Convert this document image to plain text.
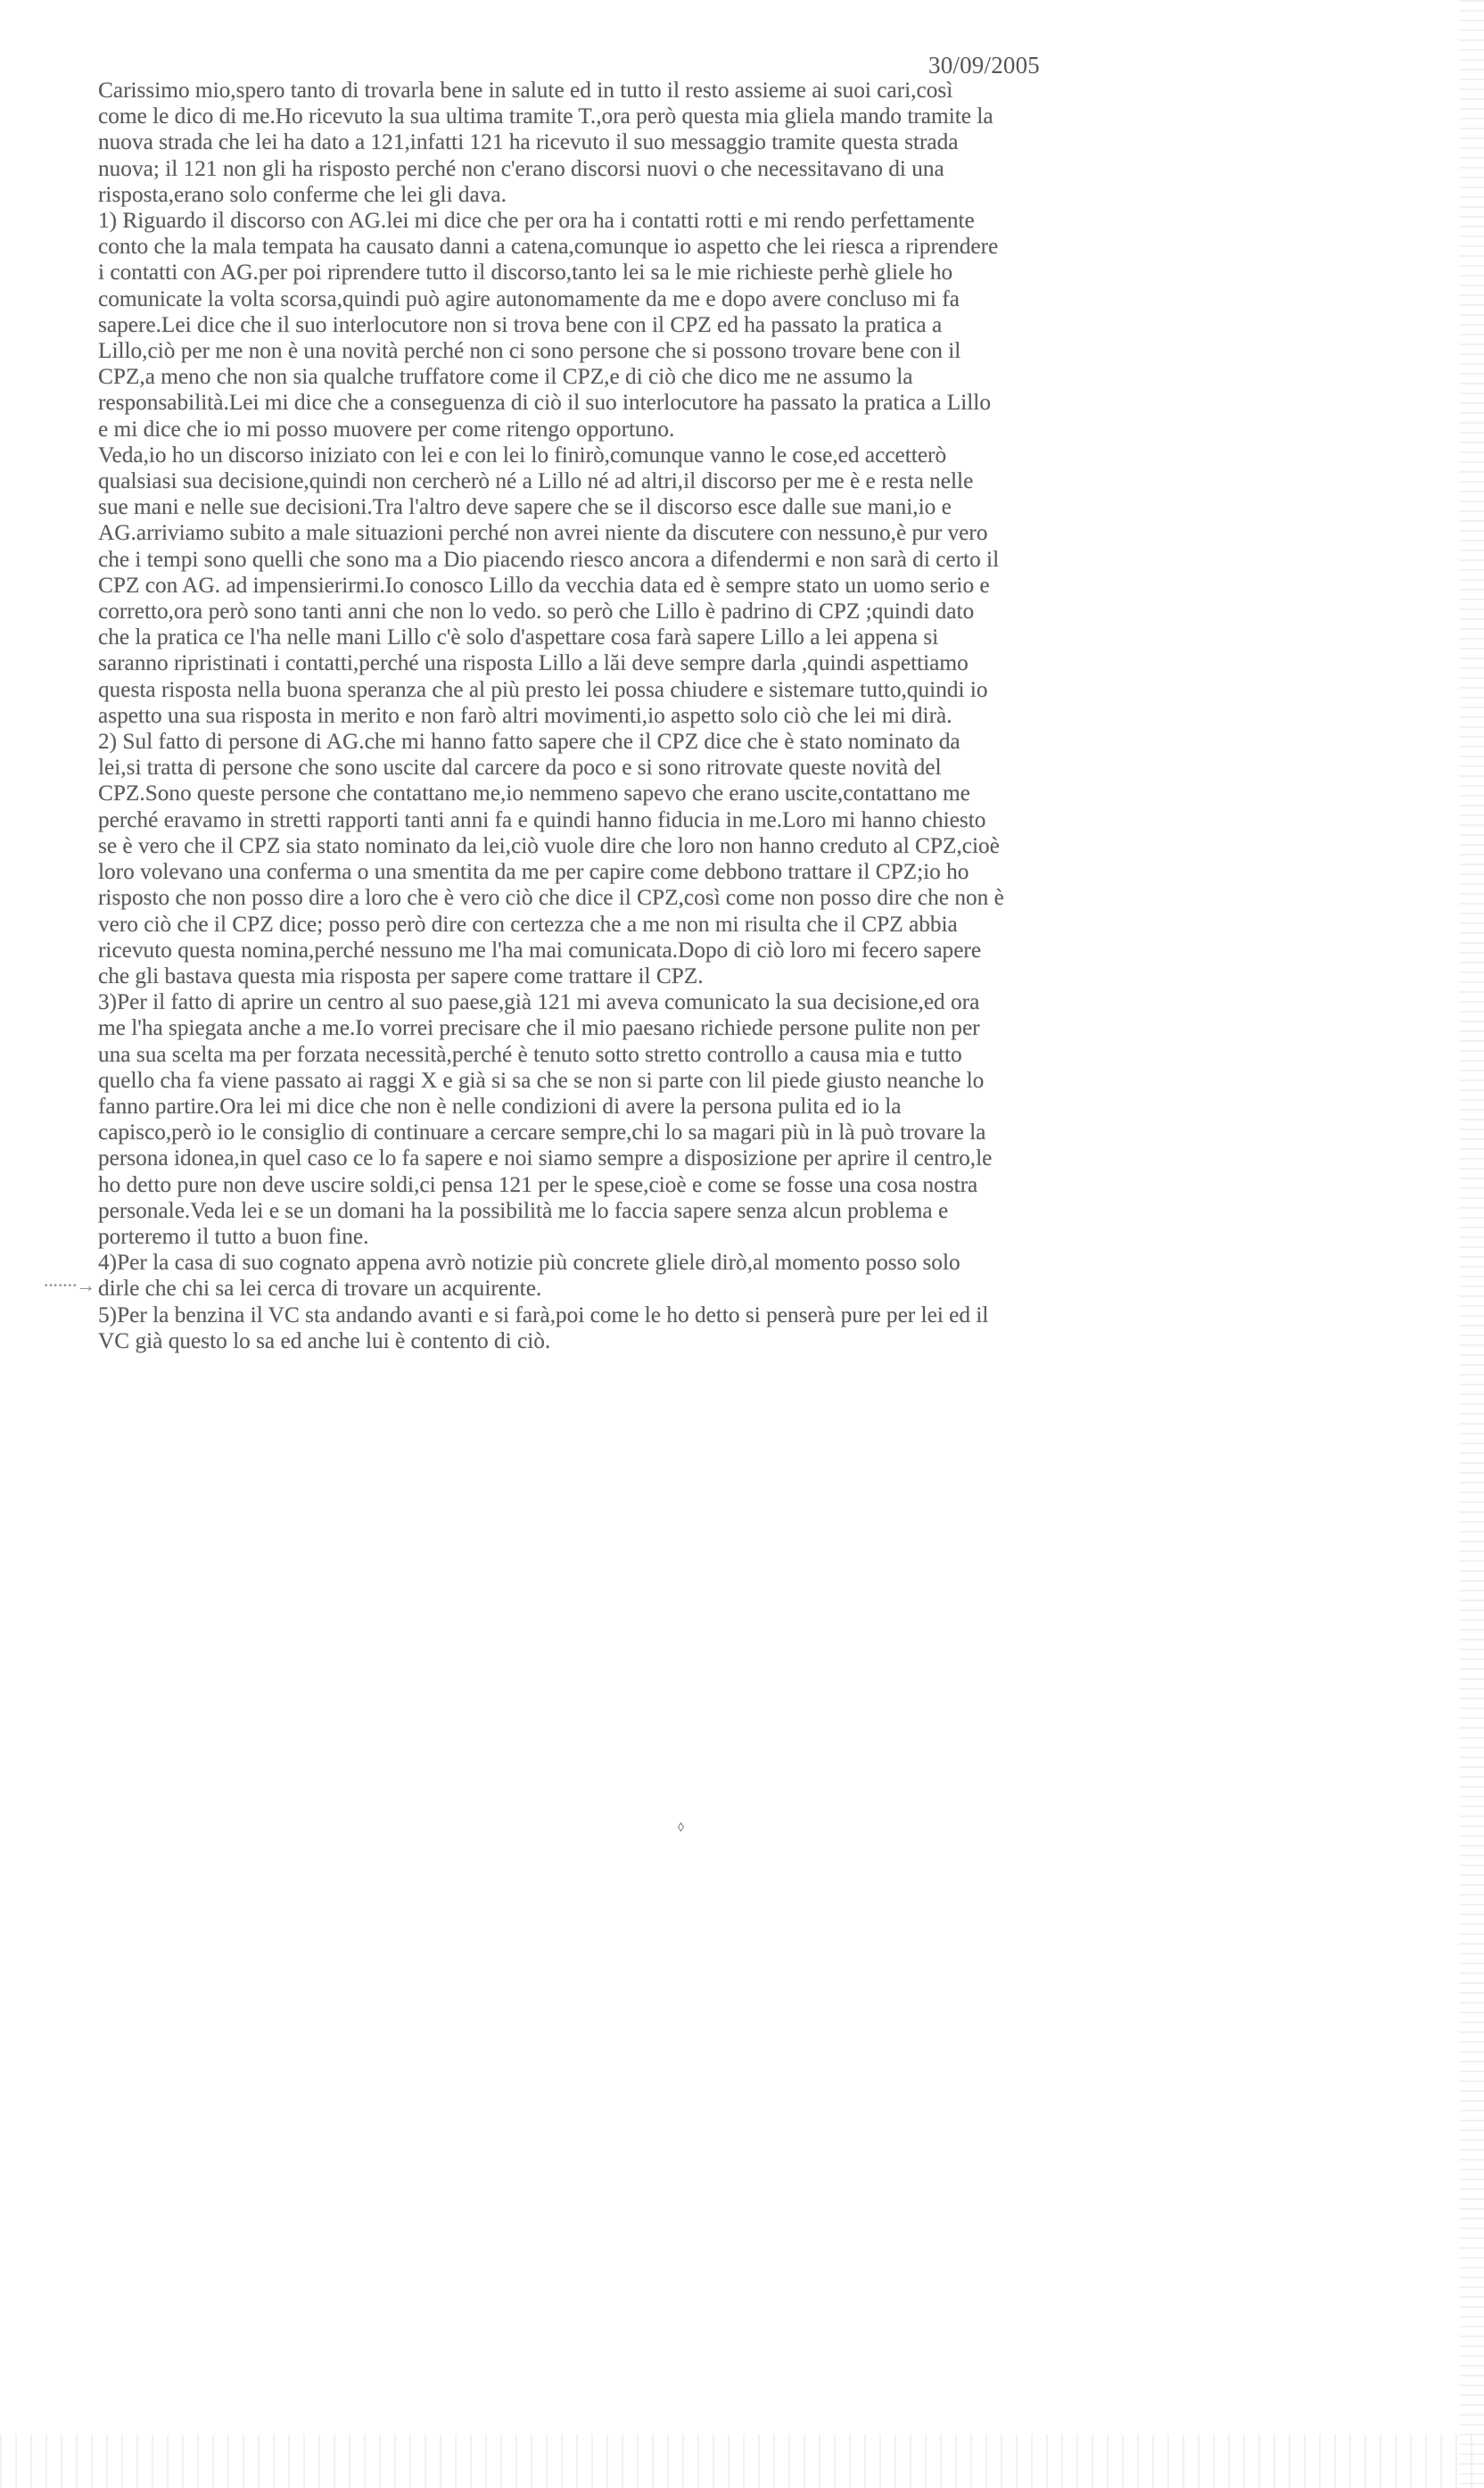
30/09/2005
·······→
Carissimo mio,spero tanto di trovarla bene in salute ed in tutto il resto assieme ai suoi cari,così
come le dico di me.Ho ricevuto la sua ultima tramite T.,ora però questa mia gliela mando tramite la
nuova strada che lei ha dato a 121,infatti 121 ha ricevuto il suo messaggio tramite questa strada
nuova; il 121 non gli ha risposto perché non c'erano discorsi nuovi o che necessitavano di una
risposta,erano solo conferme che lei gli dava.
1) Riguardo il discorso con AG.lei mi dice che per ora ha i contatti rotti e mi rendo perfettamente
conto che la mala tempata ha causato danni a catena,comunque io aspetto che lei riesca a riprendere
i contatti con AG.per poi riprendere tutto il discorso,tanto lei sa le mie richieste perhè gliele ho
comunicate la volta scorsa,quindi può agire autonomamente da me e dopo avere concluso mi fa
sapere.Lei dice che il suo interlocutore non si trova bene con il CPZ ed ha passato la pratica a
Lillo,ciò per me non è una novità perché non ci sono persone che si possono trovare bene con il
CPZ,a meno che non sia qualche truffatore come il CPZ,e di ciò che dico me ne assumo la
responsabilità.Lei mi dice che a conseguenza di ciò il suo interlocutore ha passato la pratica a Lillo
e mi dice che io mi posso muovere per come ritengo opportuno.
Veda,io ho un discorso iniziato con lei e con lei lo finirò,comunque vanno le cose,ed accetterò
qualsiasi sua decisione,quindi non cercherò né a Lillo né ad altri,il discorso per me è e resta nelle
sue mani e nelle sue decisioni.Tra l'altro deve sapere che se il discorso esce dalle sue mani,io e
AG.arriviamo subito a male situazioni perché non avrei niente da discutere con nessuno,è pur vero
che i tempi sono quelli che sono ma a Dio piacendo riesco ancora a difendermi e non sarà di certo il
CPZ con AG. ad impensierirmi.Io conosco Lillo da vecchia data ed è sempre stato un uomo serio e
corretto,ora però sono tanti anni che non lo vedo. so però che Lillo è padrino di CPZ ;quindi dato
che la pratica ce l'ha nelle mani Lillo c'è solo d'aspettare cosa farà sapere Lillo a lei appena si
saranno ripristinati i contatti,perché una risposta Lillo a lăi deve sempre darla ,quindi aspettiamo
questa risposta nella buona speranza che al più presto lei possa chiudere e sistemare tutto,quindi io
aspetto una sua risposta in merito e non farò altri movimenti,io aspetto solo ciò che lei mi dirà.
2) Sul fatto di persone di AG.che mi hanno fatto sapere che il CPZ dice che è stato nominato da
lei,si tratta di persone che sono uscite dal carcere da poco e si sono ritrovate queste novità del
CPZ.Sono queste persone che contattano me,io nemmeno sapevo che erano uscite,contattano me
perché eravamo in stretti rapporti tanti anni fa e quindi hanno fiducia in me.Loro mi hanno chiesto
se è vero che il CPZ sia stato nominato da lei,ciò vuole dire che loro non hanno creduto al CPZ,cioè
loro volevano una conferma o una smentita da me per capire come debbono trattare il CPZ;io ho
risposto che non posso dire a loro che è vero ciò che dice il CPZ,così come non posso dire che non è
vero ciò che il CPZ dice; posso però dire con certezza che a me non mi risulta che il CPZ abbia
ricevuto questa nomina,perché nessuno me l'ha mai comunicata.Dopo di ciò loro mi fecero sapere
che gli bastava questa mia risposta per sapere come trattare il CPZ.
3)Per il fatto di aprire un centro al suo paese,già 121 mi aveva comunicato la sua decisione,ed ora
me l'ha spiegata anche a me.Io vorrei precisare che il mio paesano richiede persone pulite non per
una sua scelta ma per forzata necessità,perché è tenuto sotto stretto controllo a causa mia e tutto
quello cha fa viene passato ai raggi X e già si sa che se non si parte con lil piede giusto neanche lo
fanno partire.Ora lei mi dice che non è nelle condizioni di avere la persona pulita ed io la
capisco,però io le consiglio di continuare a cercare sempre,chi lo sa magari più in là può trovare la
persona idonea,in quel caso ce lo fa sapere e noi siamo sempre a disposizione per aprire il centro,le
ho detto pure non deve uscire soldi,ci pensa 121 per le spese,cioè e come se fosse una cosa nostra
personale.Veda lei e se un domani ha la possibilità me lo faccia sapere senza alcun problema e
porteremo il tutto a buon fine.
4)Per la casa di suo cognato appena avrò notizie più concrete gliele dirò,al momento posso solo
dirle che chi sa lei cerca di trovare un acquirente.
5)Per la benzina il VC sta andando avanti e si farà,poi come le ho detto si penserà pure per lei ed il
VC già questo lo sa ed anche lui è contento di ciò.
◊
